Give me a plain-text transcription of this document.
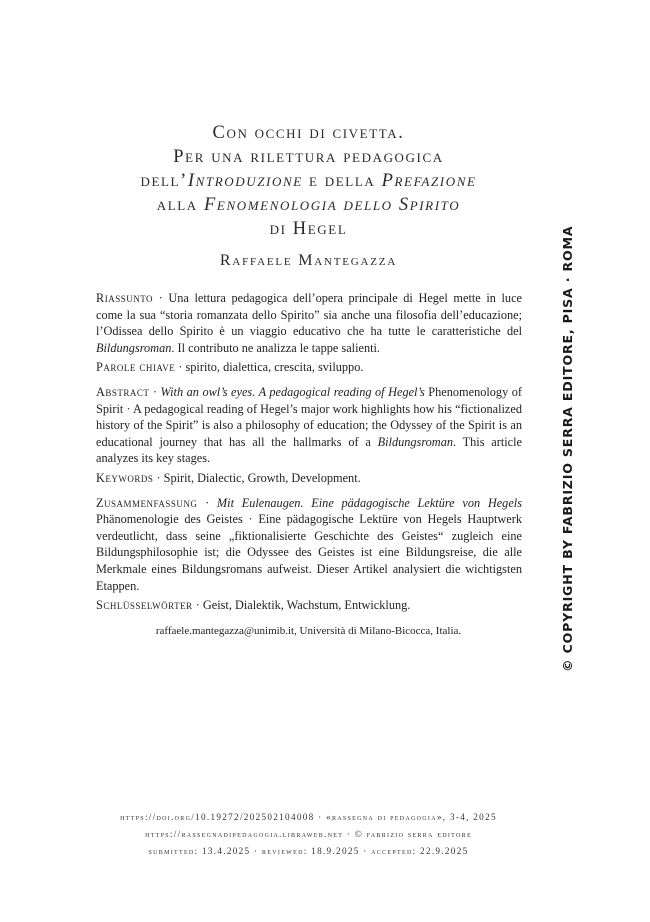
Con occhi di civetta.
Per una rilettura pedagogica
dell’Introduzione e della Prefazione
alla Fenomenologia dello Spirito
di Hegel
Raffaele Mantegazza

Riassunto · Una lettura pedagogica dell’opera principale di Hegel mette in luce come la sua “storia romanzata dello Spirito” sia anche una filosofia dell’educazione; l’Odissea dello Spirito è un viaggio educativo che ha tutte le caratteristiche del Bildungsroman. Il contributo ne analizza le tappe salienti.

Parole chiave · spirito, dialettica, crescita, sviluppo.

Abstract · With an owl’s eyes. A pedagogical reading of Hegel’s Phenomenology of Spirit · A pedagogical reading of Hegel’s major work highlights how his “fictionalized history of the Spirit” is also a philosophy of education; the Odyssey of the Spirit is an educational journey that has all the hallmarks of a Bildungsroman. This article analyzes its key stages.

Keywords · Spirit, Dialectic, Growth, Development.

Zusammenfassung · Mit Eulenaugen. Eine pädagogische Lektüre von Hegels Phänomenologie des Geistes · Eine pädagogische Lektüre von Hegels Hauptwerk verdeutlicht, dass seine „fiktionalisierte Geschichte des Geistes“ zugleich eine Bildungsphilosophie ist; die Odyssee des Geistes ist eine Bildungsreise, die alle Merkmale eines Bildungsromans aufweist. Dieser Artikel analysiert die wichtigsten Etappen.

Schlüsselwörter · Geist, Dialektik, Wachstum, Entwicklung.

raffaele.mantegazza@unimib.it, Università di Milano-Bicocca, Italia.
https://doi.org/10.19272/202502104008 · «rassegna di pedagogia», 3-4, 2025
https://rassegnadipedagogia.libraweb.net · © fabrizio serra editore
submitted: 13.4.2025 · reviewed: 18.9.2025 · accepted: 22.9.2025
© COPYRIGHT BY FABRIZIO SERRA EDITORE, PISA · ROMA
